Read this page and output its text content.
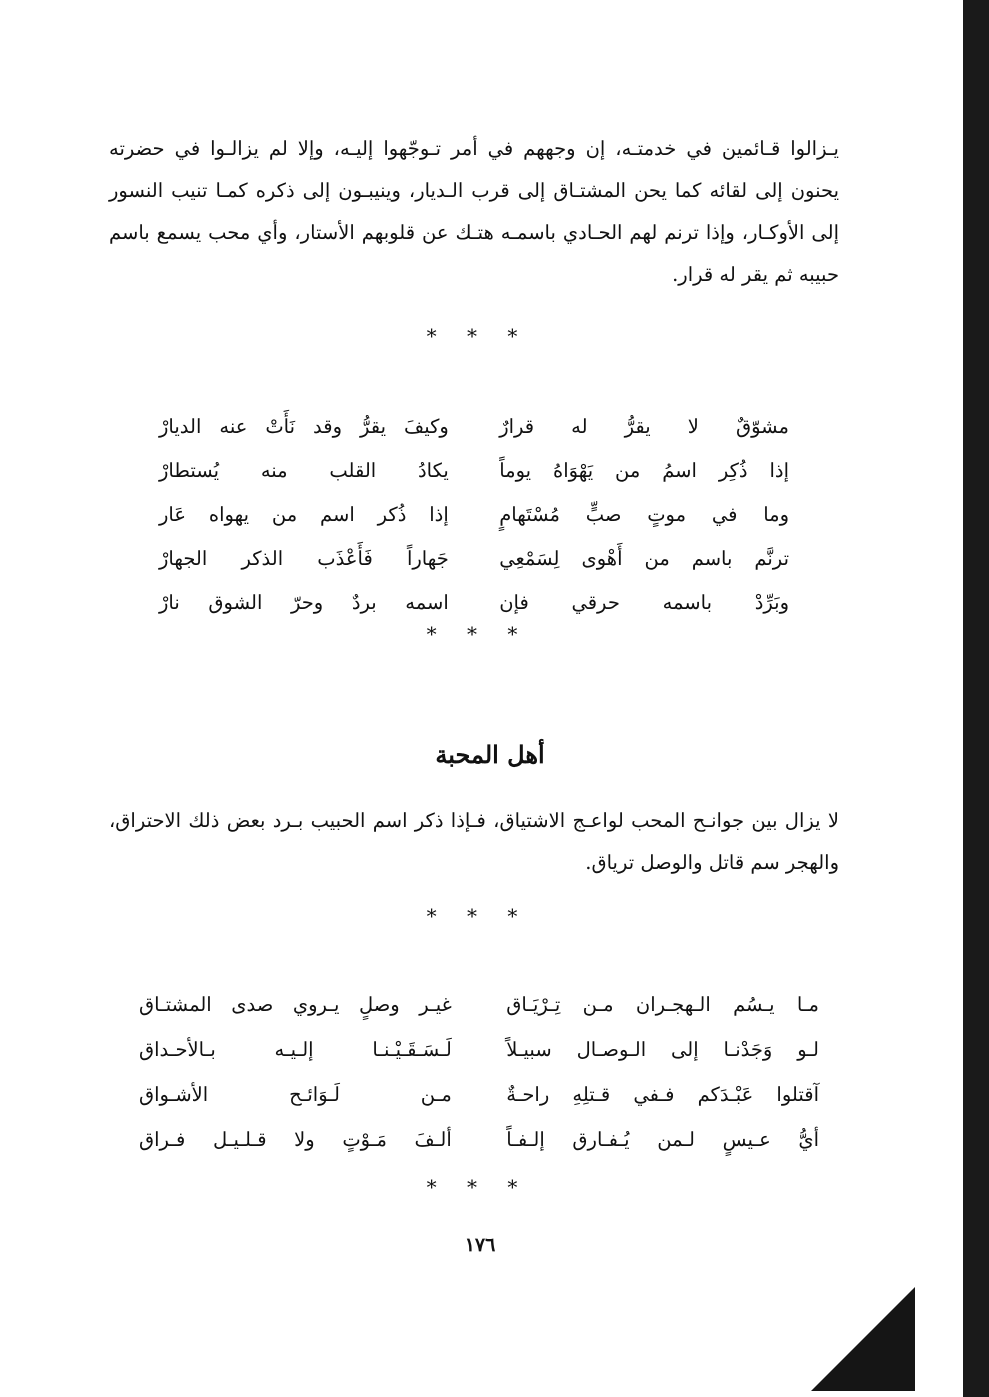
يـزالوا قـائمين في خدمتـه، إن وجههم في أمر تـوجّهوا إليـه، وإلا لم يزالـوا في حضرته يحنون إلى لقائه كما يحن المشتـاق إلى قرب الـديار، وينيبـون إلى ذكره كمـا تنيب النسور إلى الأوكـار، وإذا ترنم لهم الحـادي باسمـه هتـك عن قلوبهم الأستار، وأي محب يسمع باسم حبيبه ثم يقر له قرار.

* * *
مشوّقٌ لا يقرُّ له قرارٌ
وكيفَ يقرُّ وقد نَأَتْ عنه الديارْ
إذا ذُكِر اسمُ من يَهْوَاهُ يوماً
يكادُ القلب منه يُستطارْ
وما في موتٍ صبٍّ مُسْتَهامٍ
إذا ذُكر اسم من يهواه عَار
ترنَّم باسم من أَهْوى لِسَمْعِي
جَهاراً فَأَعْذَب الذكر الجهارْ
وبَرِّدْ باسمه حرقي فإن
اسمه بردٌ وحرّ الشوق نارْ
* * *
أهل المحبة

لا يزال بين جوانـح المحب لواعـج الاشتياق، فـإذا ذكر اسم الحبيب بـرد بعض ذلك الاحتراق، والهجر سم قاتل والوصل ترياق.

* * *
مـا يـسُم الـهجـران مـن تِـرْيَـاق
غيـر وصلٍ يـروي صدى المشتـاق
لـو وَجَدْنـا إلى الـوصـال سبيـلاً
لَـسَـقَـيْـنـا إلـيـه بـالأحـداق
آقتلوا عَبْـدَكم فـفي قـتلِهِ راحـةٌ
مـن لَـوَائـح الأشـواق
أيُّ عـيسٍ لـمن يُـفـارق إلـفـاً
ألـفَ مَـوْتٍ ولا قـلـيـل فـراق
* * *
١٧٦
